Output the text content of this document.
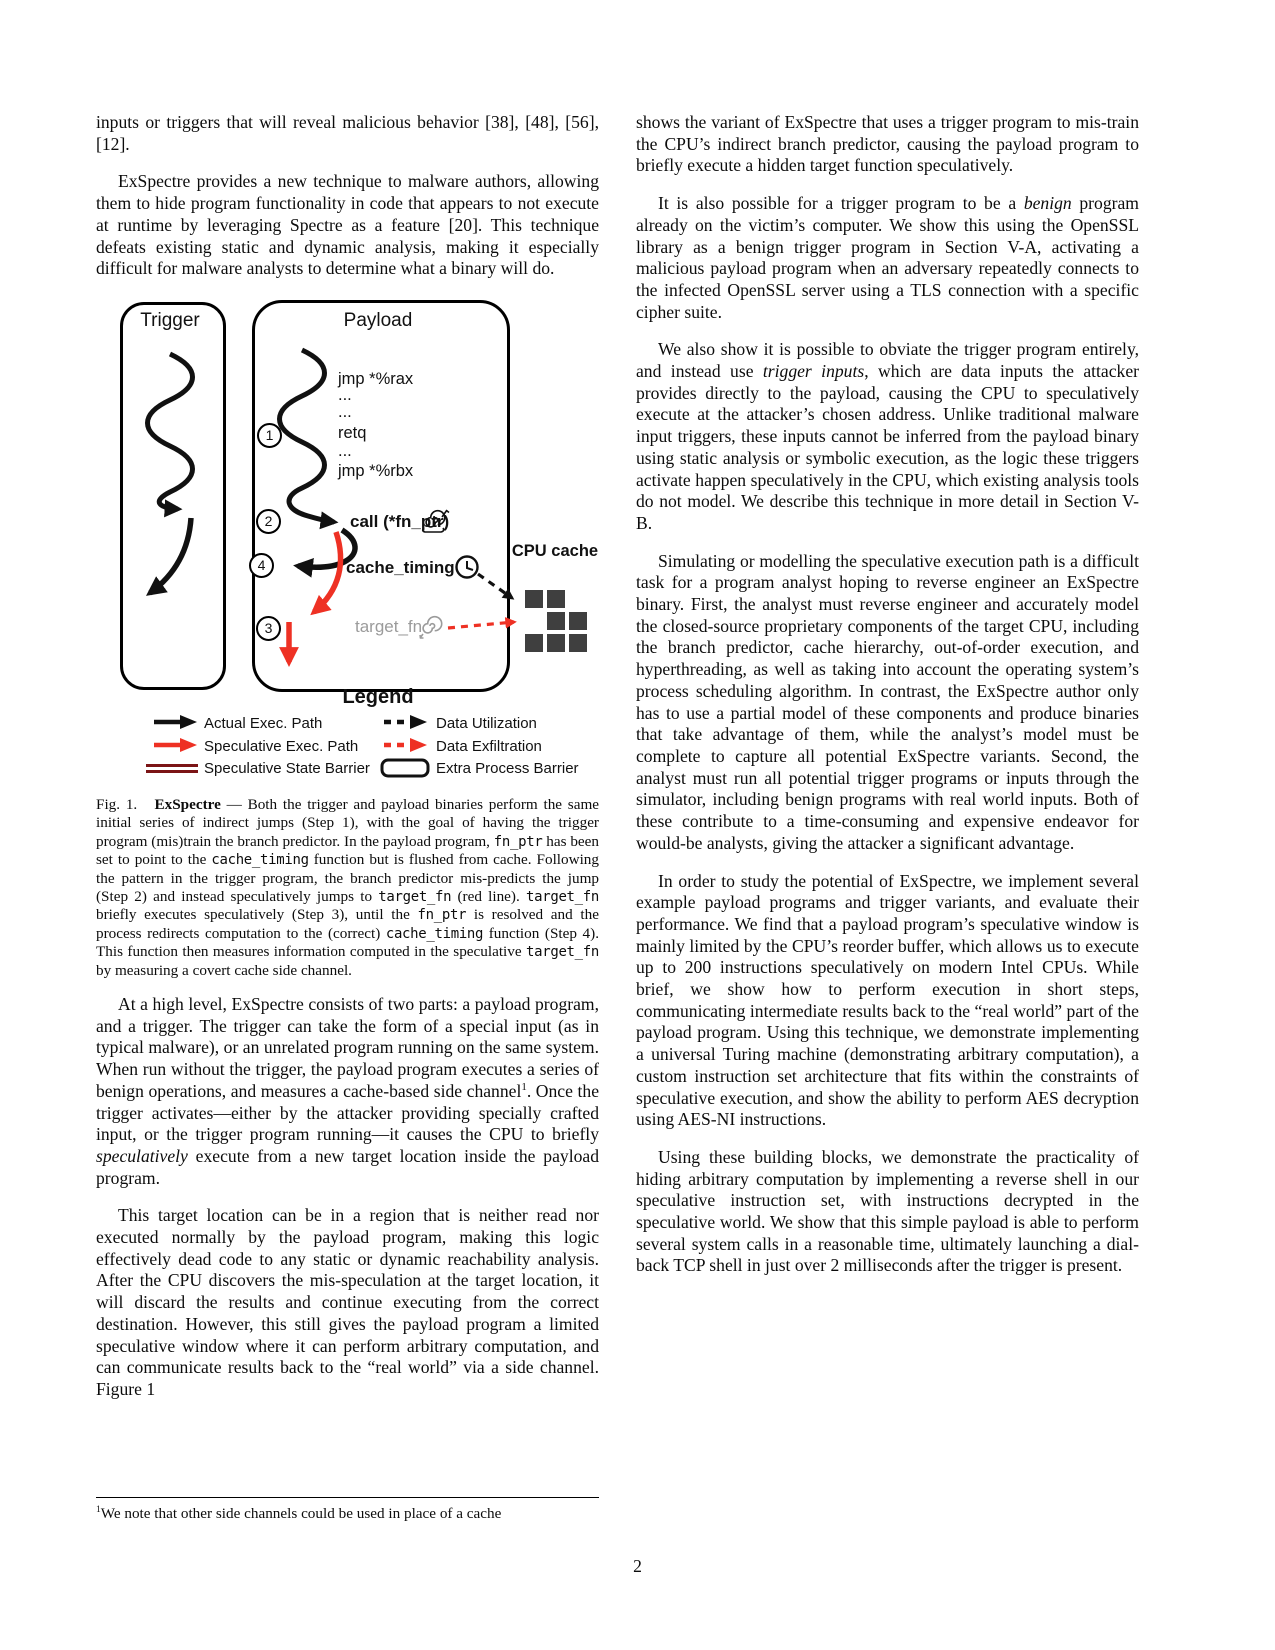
inputs or triggers that will reveal malicious behavior [38], [48], [56], [12].

ExSpectre provides a new technique to malware authors, allowing them to hide program functionality in code that appears to not execute at runtime by leveraging Spectre as a feature [20]. This technique defeats existing static and dynamic analysis, making it especially difficult for malware analysts to determine what a binary will do.

Trigger	Payload
1
2
4
3
jmp *%rax
...
...
retq
...
jmp *%rbx
call (*fn_ptr)
cache_timing
target_fn
CPU cache
Legend
Actual Exec. Path
Speculative Exec. Path
Speculative State Barrier
Data Utilization
Data Exfiltration
Extra Process Barrier

Fig. 1.   ExSpectre — Both the trigger and payload binaries perform the same initial series of indirect jumps (Step 1), with the goal of having the trigger program (mis)train the branch predictor. In the payload program, fn_ptr has been set to point to the cache_timing function but is flushed from cache. Following the pattern in the trigger program, the branch predictor mis-predicts the jump (Step 2) and instead speculatively jumps to target_fn (red line). target_fn briefly executes speculatively (Step 3), until the fn_ptr is resolved and the process redirects computation to the (correct) cache_timing function (Step 4). This function then measures information computed in the speculative target_fn by measuring a covert cache side channel.

At a high level, ExSpectre consists of two parts: a payload program, and a trigger. The trigger can take the form of a special input (as in typical malware), or an unrelated program running on the same system. When run without the trigger, the payload program executes a series of benign operations, and measures a cache-based side channel$^1$. Once the trigger activates—either by the attacker providing specially crafted input, or the trigger program running—it causes the CPU to briefly speculatively execute from a new target location inside the payload program.

This target location can be in a region that is neither read nor executed normally by the payload program, making this logic effectively dead code to any static or dynamic reachability analysis. After the CPU discovers the mis-speculation at the target location, it will discard the results and continue executing from the correct destination. However, this still gives the payload program a limited speculative window where it can perform arbitrary computation, and can communicate results back to the “real world” via a side channel. Figure 1

shows the variant of ExSpectre that uses a trigger program to mis-train the CPU’s indirect branch predictor, causing the payload program to briefly execute a hidden target function speculatively.

It is also possible for a trigger program to be a benign program already on the victim’s computer. We show this using the OpenSSL library as a benign trigger program in Section V-A, activating a malicious payload program when an adversary repeatedly connects to the infected OpenSSL server using a TLS connection with a specific cipher suite.

We also show it is possible to obviate the trigger program entirely, and instead use trigger inputs, which are data inputs the attacker provides directly to the payload, causing the CPU to speculatively execute at the attacker’s chosen address. Unlike traditional malware input triggers, these inputs cannot be inferred from the payload binary using static analysis or symbolic execution, as the logic these triggers activate happen speculatively in the CPU, which existing analysis tools do not model. We describe this technique in more detail in Section V-B.

Simulating or modelling the speculative execution path is a difficult task for a program analyst hoping to reverse engineer an ExSpectre binary. First, the analyst must reverse engineer and accurately model the closed-source proprietary components of the target CPU, including the branch predictor, cache hierarchy, out-of-order execution, and hyperthreading, as well as taking into account the operating system’s process scheduling algorithm. In contrast, the ExSpectre author only has to use a partial model of these components and produce binaries that take advantage of them, while the analyst’s model must be complete to capture all potential ExSpectre variants. Second, the analyst must run all potential trigger programs or inputs through the simulator, including benign programs with real world inputs. Both of these contribute to a time-consuming and expensive endeavor for would-be analysts, giving the attacker a significant advantage.

In order to study the potential of ExSpectre, we implement several example payload programs and trigger variants, and evaluate their performance. We find that a payload program’s speculative window is mainly limited by the CPU’s reorder buffer, which allows us to execute up to 200 instructions speculatively on modern Intel CPUs. While brief, we show how to perform execution in short steps, communicating intermediate results back to the “real world” part of the payload program. Using this technique, we demonstrate implementing a universal Turing machine (demonstrating arbitrary computation), a custom instruction set architecture that fits within the constraints of speculative execution, and show the ability to perform AES decryption using AES-NI instructions.

Using these building blocks, we demonstrate the practicality of hiding arbitrary computation by implementing a reverse shell in our speculative instruction set, with instructions decrypted in the speculative world. We show that this simple payload is able to perform several system calls in a reasonable time, ultimately launching a dial-back TCP shell in just over 2 milliseconds after the trigger is present.

$^1$We note that other side channels could be used in place of a cache
2
